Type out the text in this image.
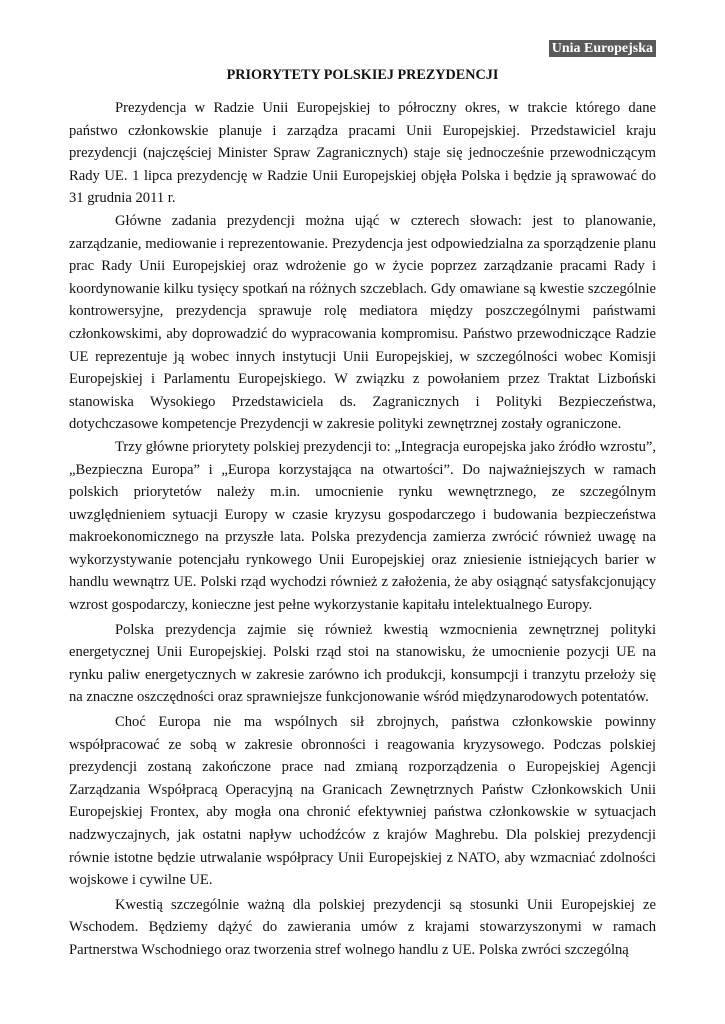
Unia Europejska
PRIORYTETY POLSKIEJ PREZYDENCJI

Prezydencja w Radzie Unii Europejskiej to półroczny okres, w trakcie którego dane państwo członkowskie planuje i zarządza pracami Unii Europejskiej. Przedstawiciel kraju prezydencji (najczęściej Minister Spraw Zagranicznych) staje się jednocześnie przewodniczącym Rady UE. 1 lipca prezydencję w Radzie Unii Europejskiej objęła Polska i będzie ją sprawować do 31 grudnia 2011 r.

Główne zadania prezydencji można ująć w czterech słowach: jest to planowanie, zarządzanie, mediowanie i reprezentowanie. Prezydencja jest odpowiedzialna za sporządzenie planu prac Rady Unii Europejskiej oraz wdrożenie go w życie poprzez zarządzanie pracami Rady i koordynowanie kilku tysięcy spotkań na różnych szczeblach. Gdy omawiane są kwestie szczególnie kontrowersyjne, prezydencja sprawuje rolę mediatora między poszczególnymi państwami członkowskimi, aby doprowadzić do wypracowania kompromisu. Państwo przewodniczące Radzie UE reprezentuje ją wobec innych instytucji Unii Europejskiej, w szczególności wobec Komisji Europejskiej i Parlamentu Europejskiego. W związku z powołaniem przez Traktat Lizboński stanowiska Wysokiego Przedstawiciela ds. Zagranicznych i Polityki Bezpieczeństwa, dotychczasowe kompetencje Prezydencji w zakresie polityki zewnętrznej zostały ograniczone.

Trzy główne priorytety polskiej prezydencji to: „Integracja europejska jako źródło wzrostu”, „Bezpieczna Europa” i „Europa korzystająca na otwartości”. Do najważniejszych w ramach polskich priorytetów należy m.in. umocnienie rynku wewnętrznego, ze szczególnym uwzględnieniem sytuacji Europy w czasie kryzysu gospodarczego i budowania bezpieczeństwa makroekonomicznego na przyszłe lata. Polska prezydencja zamierza zwrócić również uwagę na wykorzystywanie potencjału rynkowego Unii Europejskiej oraz zniesienie istniejących barier w handlu wewnątrz UE. Polski rząd wychodzi również z założenia, że aby osiągnąć satysfakcjonujący wzrost gospodarczy, konieczne jest pełne wykorzystanie kapitału intelektualnego Europy.

Polska prezydencja zajmie się również kwestią wzmocnienia zewnętrznej polityki energetycznej Unii Europejskiej. Polski rząd stoi na stanowisku, że umocnienie pozycji UE na rynku paliw energetycznych w zakresie zarówno ich produkcji, konsumpcji i tranzytu przełoży się na znaczne oszczędności oraz sprawniejsze funkcjonowanie wśród międzynarodowych potentatów.

Choć Europa nie ma wspólnych sił zbrojnych, państwa członkowskie powinny współpracować ze sobą w zakresie obronności i reagowania kryzysowego. Podczas polskiej prezydencji zostaną zakończone prace nad zmianą rozporządzenia o Europejskiej Agencji Zarządzania Współpracą Operacyjną na Granicach Zewnętrznych Państw Członkowskich Unii Europejskiej Frontex, aby mogła ona chronić efektywniej państwa członkowskie w sytuacjach nadzwyczajnych, jak ostatni napływ uchodźców z krajów Maghrebu. Dla polskiej prezydencji równie istotne będzie utrwalanie współpracy Unii Europejskiej z NATO, aby wzmacniać zdolności wojskowe i cywilne UE.

Kwestią szczególnie ważną dla polskiej prezydencji są stosunki Unii Europejskiej ze Wschodem. Będziemy dążyć do zawierania umów z krajami stowarzyszonymi w ramach Partnerstwa Wschodniego oraz tworzenia stref wolnego handlu z UE. Polska zwróci szczególną
